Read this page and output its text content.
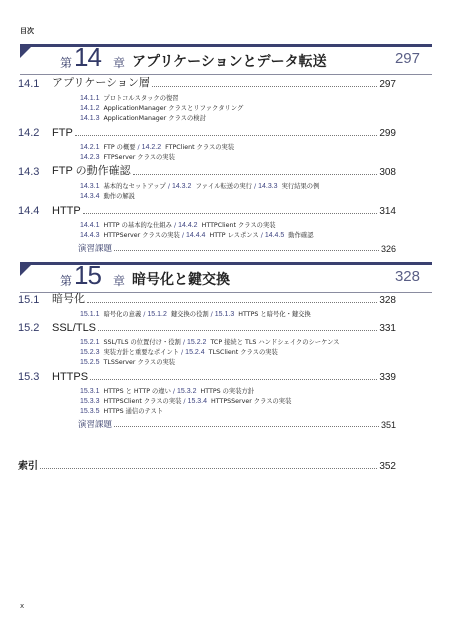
目次
第 14 章 アプリケーションとデータ転送	297
14.1	アプリケーション層	297
14.1.1 プロトコルスタックの復習
14.1.2 ApplicationManager クラスとリファクタリング
14.1.3 ApplicationManager クラスの検討
14.2	FTP	299
14.2.1 FTP の概要 / 14.2.2 FTPClient クラスの実装
14.2.3 FTPServer クラスの実装
14.3	FTP の動作確認	308
14.3.1 基本的なセットアップ / 14.3.2 ファイル転送の実行 / 14.3.3 実行結果の例
14.3.4 動作の解説
14.4	HTTP	314
14.4.1 HTTP の基本的な仕組み / 14.4.2 HTTPClient クラスの実装
14.4.3 HTTPServer クラスの実装 / 14.4.4 HTTP レスポンス / 14.4.5 動作確認
演習課題	326
第 15 章 暗号化と鍵交換	328
15.1	暗号化	328
15.1.1 暗号化の意義 / 15.1.2 鍵交換の役割 / 15.1.3 HTTPS と暗号化・鍵交換
15.2	SSL/TLS	331
15.2.1 SSL/TLS の位置付け・役割 / 15.2.2 TCP 接続と TLS ハンドシェイクのシーケンス
15.2.3 実装方針と重要なポイント / 15.2.4 TLSClient クラスの実装
15.2.5 TLSServer クラスの実装
15.3	HTTPS	339
15.3.1 HTTPS と HTTP の違い / 15.3.2 HTTPS の実装方針
15.3.3 HTTPSClient クラスの実装 / 15.3.4 HTTPSServer クラスの実装
15.3.5 HTTPS 通信のテスト
演習課題	351
索引	352
x
